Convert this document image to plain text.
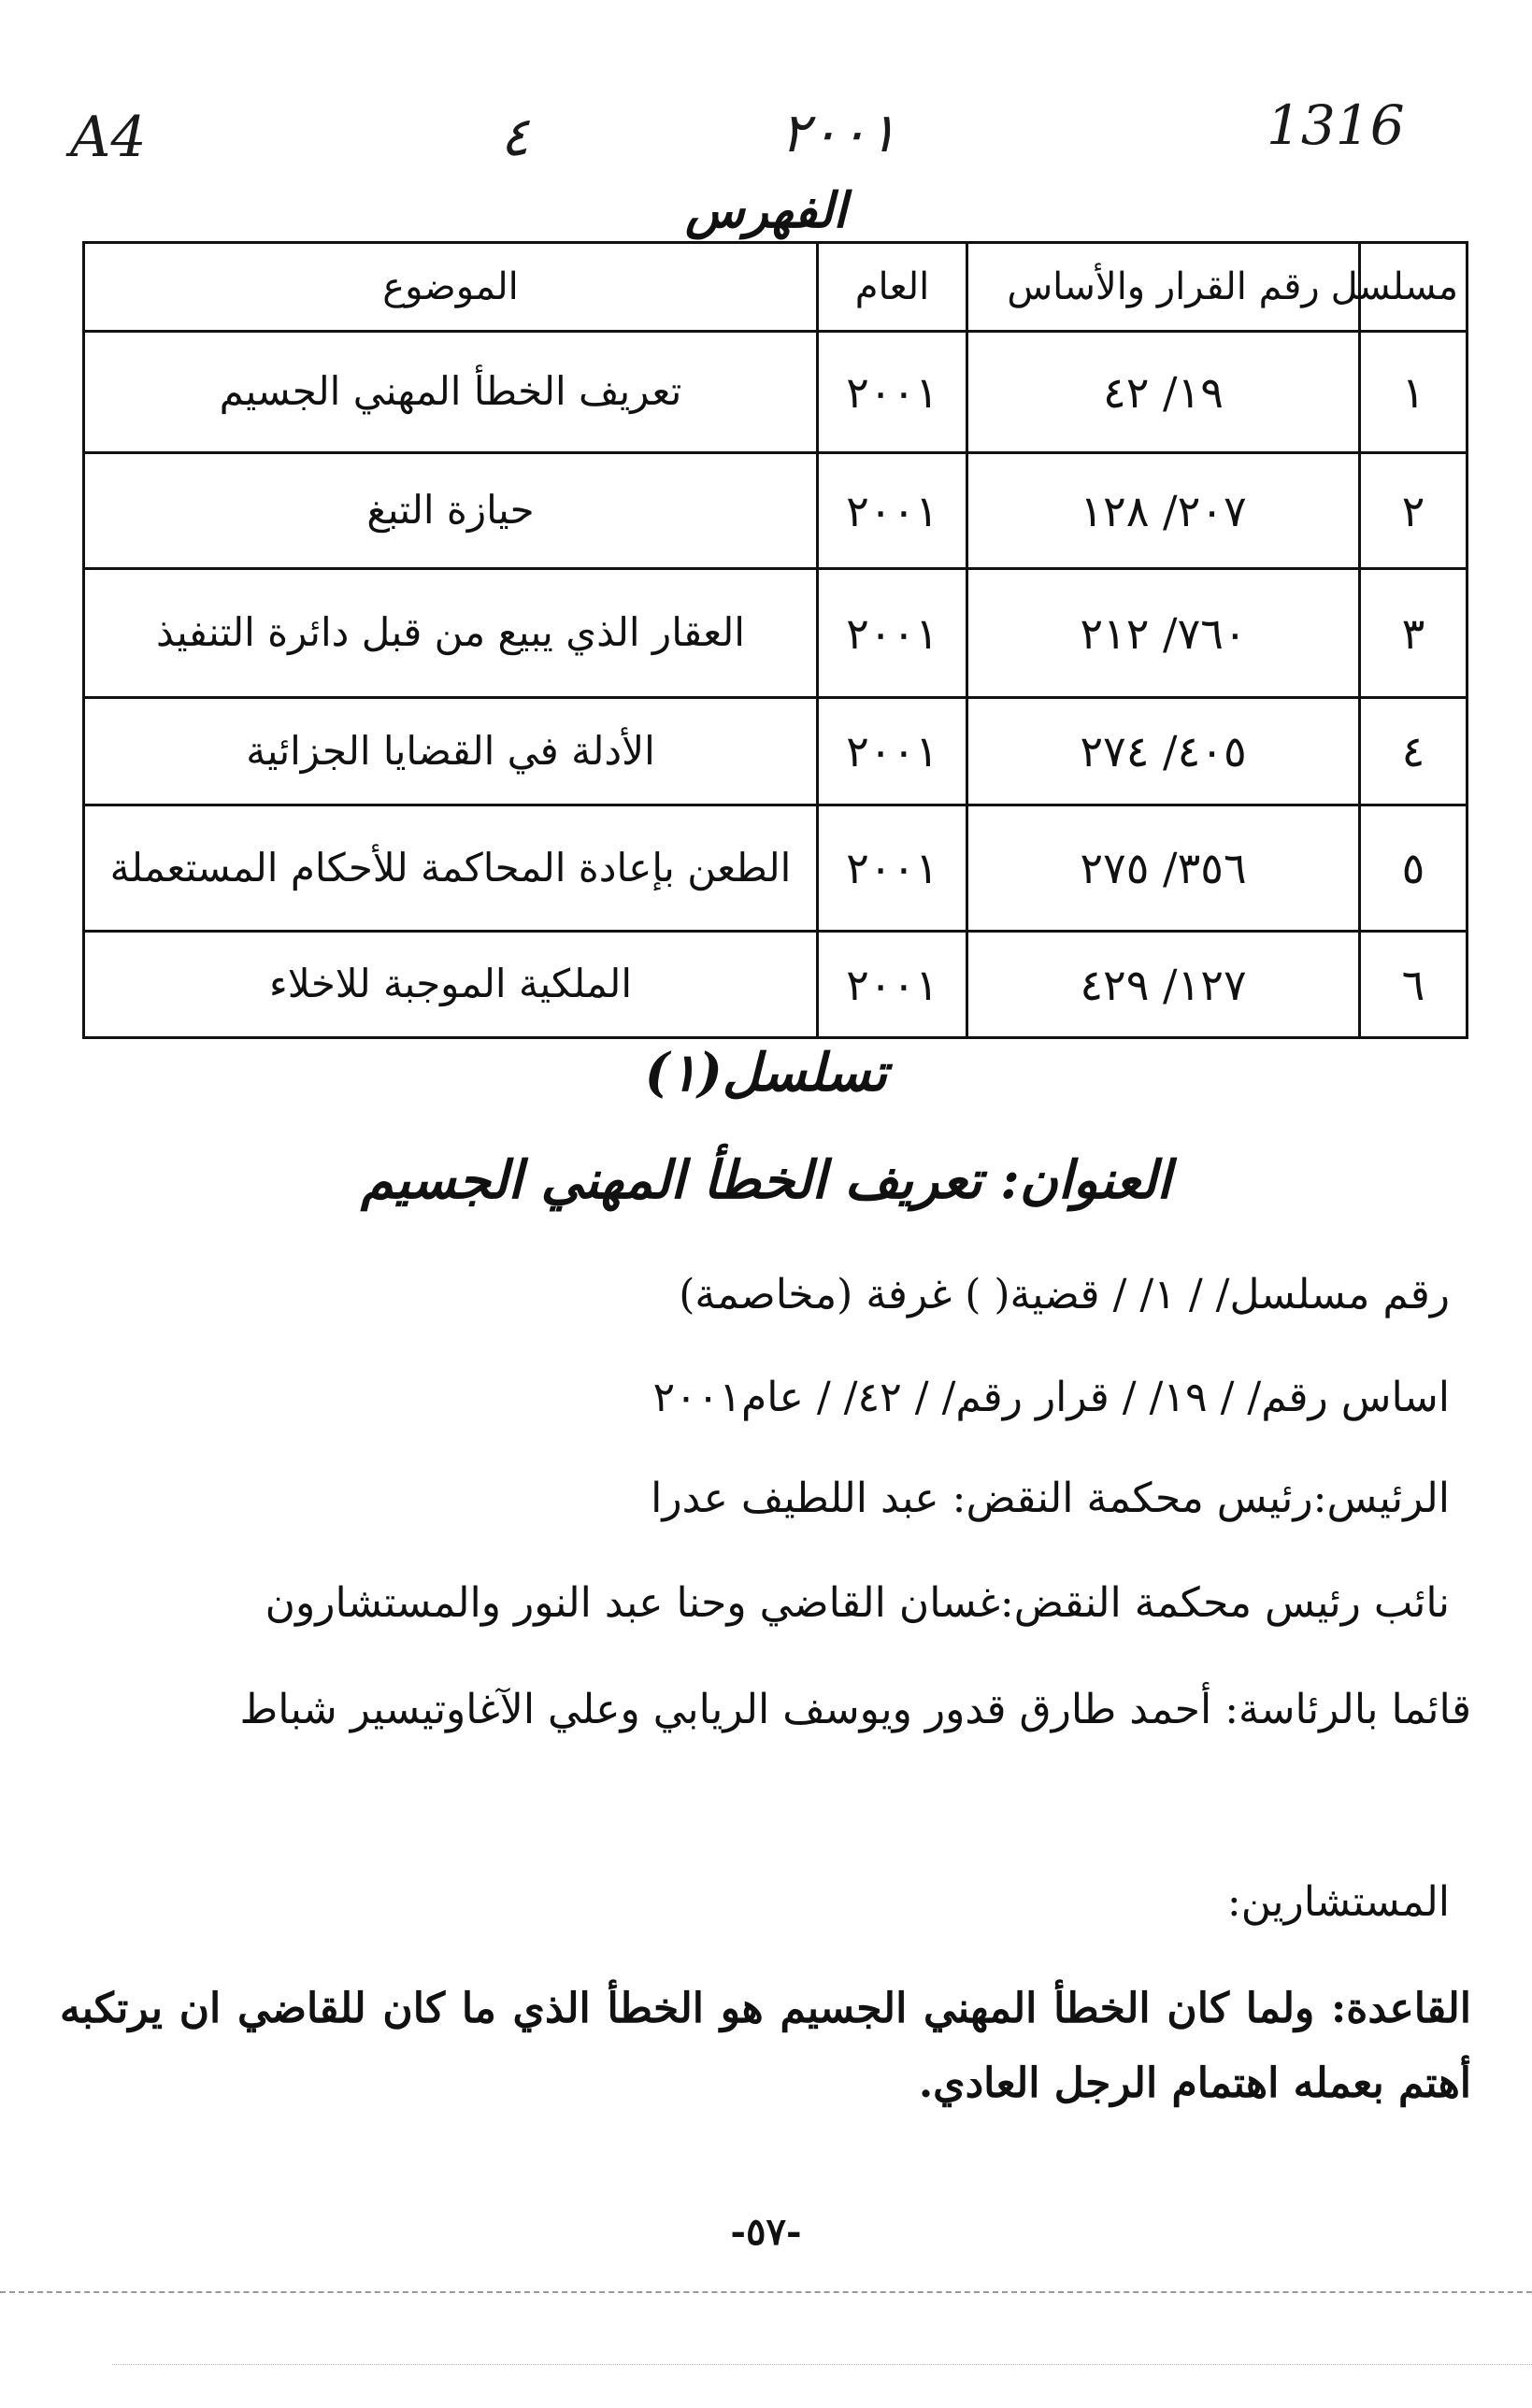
A4	٤	٢٠٠١	1316
الفهرس
مسلسل	رقم القرار والأساس	العام	الموضوع
١	١٩/ ٤٢	٢٠٠١	تعريف الخطأ المهني الجسيم
٢	٢٠٧/ ١٢٨	٢٠٠١	حيازة التبغ
٣	٧٦٠/ ٢١٢	٢٠٠١	العقار الذي يبيع من قبل دائرة التنفيذ
٤	٤٠٥/ ٢٧٤	٢٠٠١	الأدلة في القضايا الجزائية
٥	٣٥٦/ ٢٧٥	٢٠٠١	الطعن بإعادة المحاكمة للأحكام المستعملة
٦	١٢٧/ ٤٢٩	٢٠٠١	الملكية الموجبة للاخلاء
تسلسل(١)
العنوان: تعريف الخطأ المهني الجسيم

رقم مسلسل/ / ١/ / قضية( ) غرفة (مخاصمة)

اساس رقم/ / ١٩/ / قرار رقم/ / ٤٢/ / عام٢٠٠١

الرئيس:رئيس محكمة النقض: عبد اللطيف عدرا

نائب رئيس محكمة النقض:غسان القاضي وحنا عبد النور والمستشارون

قائما بالرئاسة: أحمد طارق قدور ويوسف الريابي وعلي الآغاوتيسير شباط

المستشارين:

القاعدة: ولما كان الخطأ المهني الجسيم هو الخطأ الذي ما كان للقاضي ان يرتكبه أهتم بعمله اهتمام الرجل العادي.

-٥٧-
